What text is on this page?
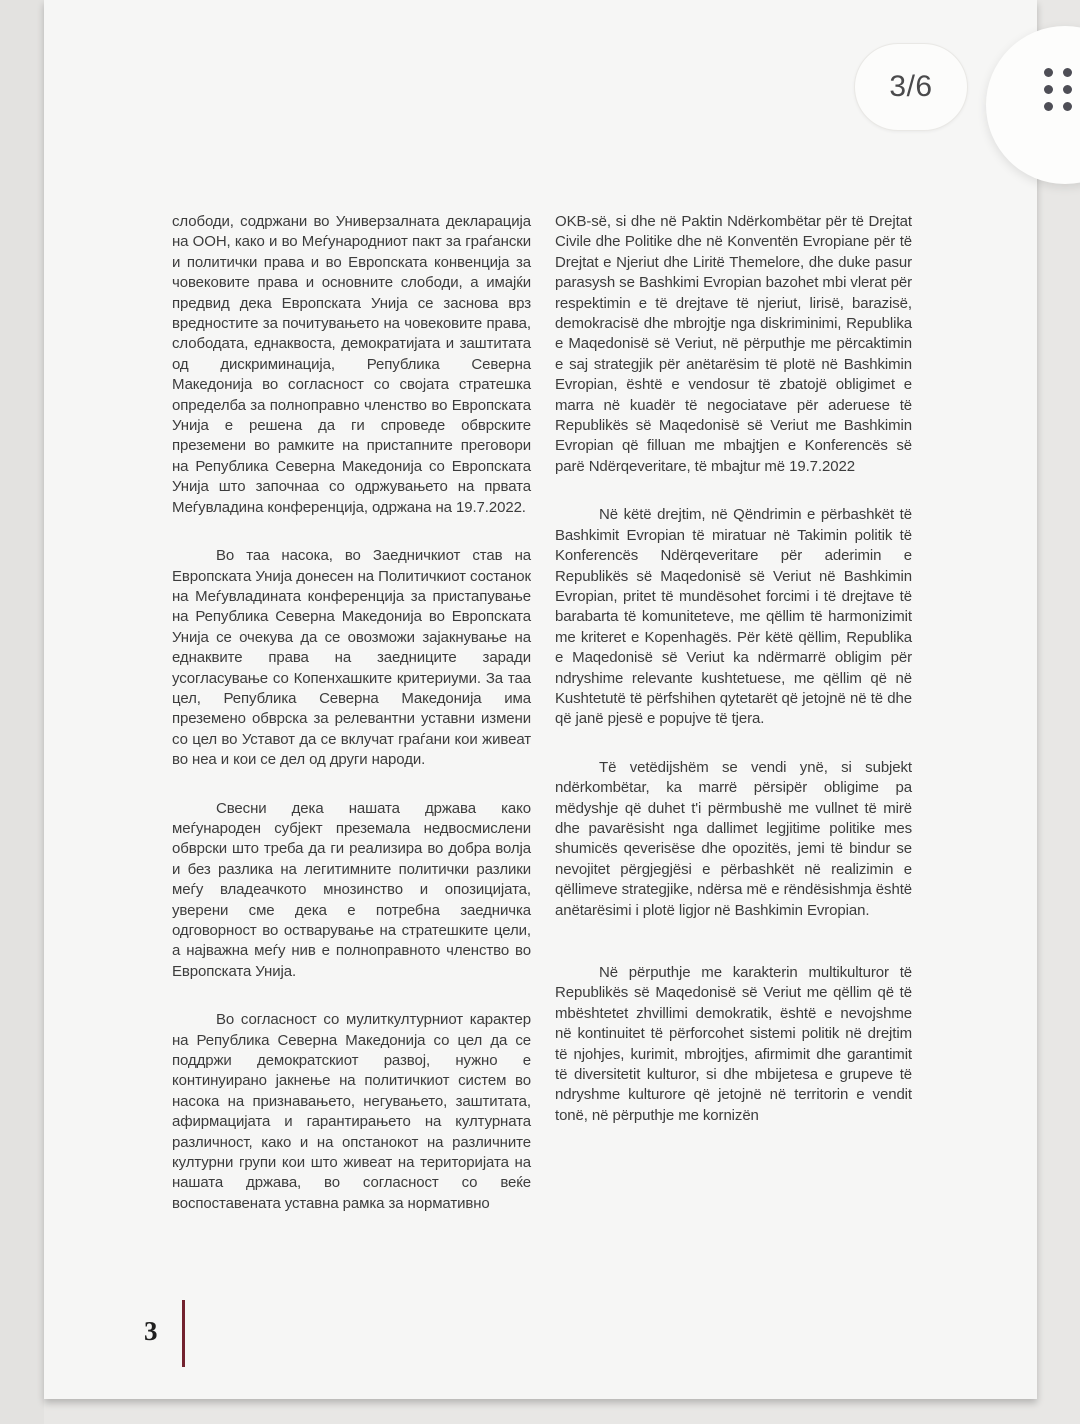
слободи, содржани во Универзалната декларација на ООН, како и во Меѓународниот пакт за граѓански и политички права и во Европската конвенција за човековите права и основните слободи, а имајќи предвид дека Европската Унија се заснова врз вредностите за почитувањето на човековите права, слободата, еднаквоста, демократијата и заштитата од дискриминација, Република Северна Македонија во согласност со својата стратешка определба за полноправно членство во Европската Унија е решена да ги спроведе обврските преземени во рамките на пристапните преговори на Република Северна Македонија со Европската Унија што започнаа со одржувањето на првата Меѓувладина конференција, одржана на 19.7.2022.

Во таа насока, во Заедничкиот став на Европската Унија донесен на Политичкиот состанок на Меѓувладината конференција за пристапување на Република Северна Македонија во Европската Унија се очекува да се овозможи зајакнување на еднаквите права на заедниците заради усогласување со Копенхашките критериуми. За таа цел, Република Северна Македонија има преземено обврска за релевантни уставни измени со цел во Уставот да се вклучат граѓани кои живеат во неа и кои се дел од други народи.

Свесни дека нашата држава како меѓународен субјект преземала недвосмислени обврски што треба да ги реализира во добра волја и без разлика на легитимните политички разлики меѓу владеачкото мнозинство и опозицијата, уверени сме дека е потребна заедничка одговорност во остварување на стратешките цели, а најважна меѓу нив е полноправното членство во Европската Унија.

Во согласност со мулиткултурниот карактер на Република Северна Македонија со цел да се поддржи демократскиот развој, нужно е континуирано јакнење на политичкиот систем во насока на признавањето, негувањето, заштитата, афирмацијата и гарантирањето на културната различност, како и на опстанокот на различните културни групи кои што живеат на територијата на нашата држава, во согласност со веќе воспоставената уставна рамка за нормативно

OKB-së, si dhe në Paktin Ndërkombëtar për të Drejtat Civile dhe Politike dhe në Konventën Evropiane për të Drejtat e Njeriut dhe Liritë Themelore, dhe duke pasur parasysh se Bashkimi Evropian bazohet mbi vlerat për respektimin e të drejtave të njeriut, lirisë, barazisë, demokracisë dhe mbrojtje nga diskriminimi, Republika e Maqedonisë së Veriut, në përputhje me përcaktimin e saj strategjik për anëtarësim të plotë në Bashkimin Evropian, është e vendosur të zbatojë obligimet e marra në kuadër të negociatave për aderuese të Republikës së Maqedonisë së Veriut me Bashkimin Evropian që filluan me mbajtjen e Konferencës së parë Ndërqeveritare, të mbajtur më 19.7.2022

Në këtë drejtim, në Qëndrimin e përbashkët të Bashkimit Evropian të miratuar në Takimin politik të Konferencës Ndërqeveritare për aderimin e Republikës së Maqedonisë së Veriut në Bashkimin Evropian, pritet të mundësohet forcimi i të drejtave të barabarta të komuniteteve, me qëllim të harmonizimit me kriteret e Kopenhagës. Për këtë qëllim, Republika e Maqedonisë së Veriut ka ndërmarrë obligim për ndryshime relevante kushtetuese, me qëllim që në Kushtetutë të përfshihen qytetarët që jetojnë në të dhe që janë pjesë e popujve të tjera.

Të vetëdijshëm se vendi ynë, si subjekt ndërkombëtar, ka marrë përsipër obligime pa mëdyshje që duhet t'i përmbushë me vullnet të mirë dhe pavarësisht nga dallimet legjitime politike mes shumicës qeverisëse dhe opozitës, jemi të bindur se nevojitet përgjegjësi e përbashkët në realizimin e qëllimeve strategjike, ndërsa më e rëndësishmja është anëtarësimi i plotë ligjor në Bashkimin Evropian.

Në përputhje me karakterin multikulturor të Republikës së Maqedonisë së Veriut me qëllim që të mbështetet zhvillimi demokratik, është e nevojshme në kontinuitet të përforcohet sistemi politik në drejtim të njohjes, kurimit, mbrojtjes, afirmimit dhe garantimit të diversitetit kulturor, si dhe mbijetesa e grupeve të ndryshme kulturore që jetojnë në territorin e vendit tonë, në përputhje me kornizën

3
3/6
